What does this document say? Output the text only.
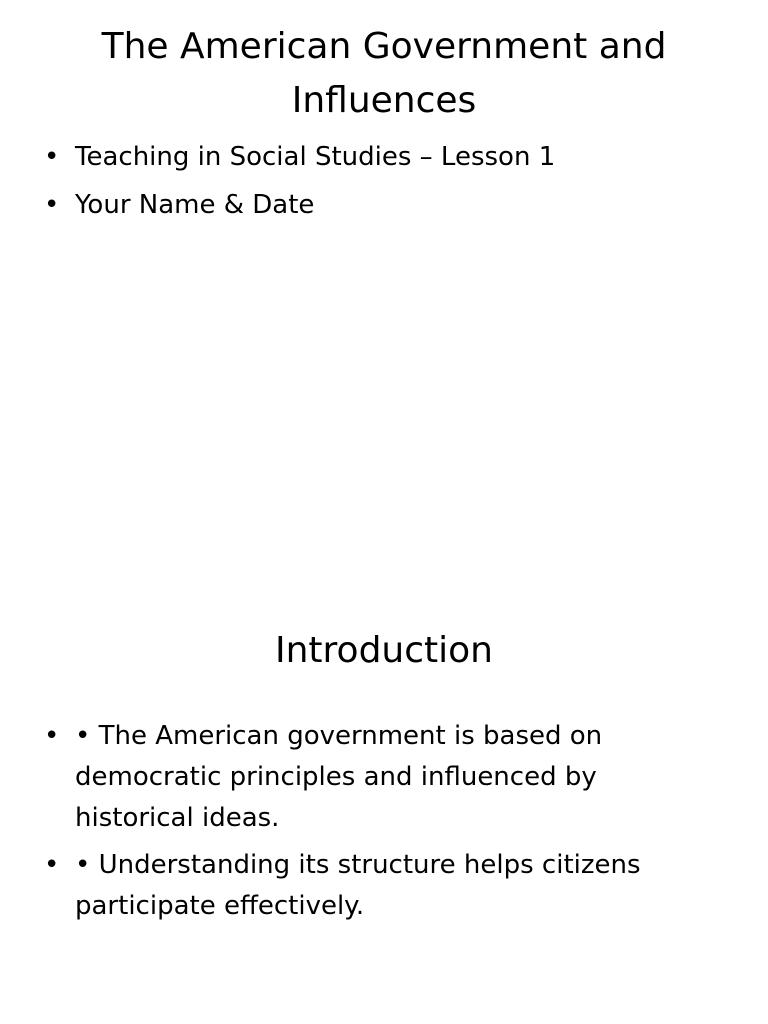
The American Government and Influences
• Teaching in Social Studies – Lesson 1
• Your Name & Date
Introduction
• • The American government is based on democratic principles and influenced by historical ideas.
• • Understanding its structure helps citizens participate effectively.
